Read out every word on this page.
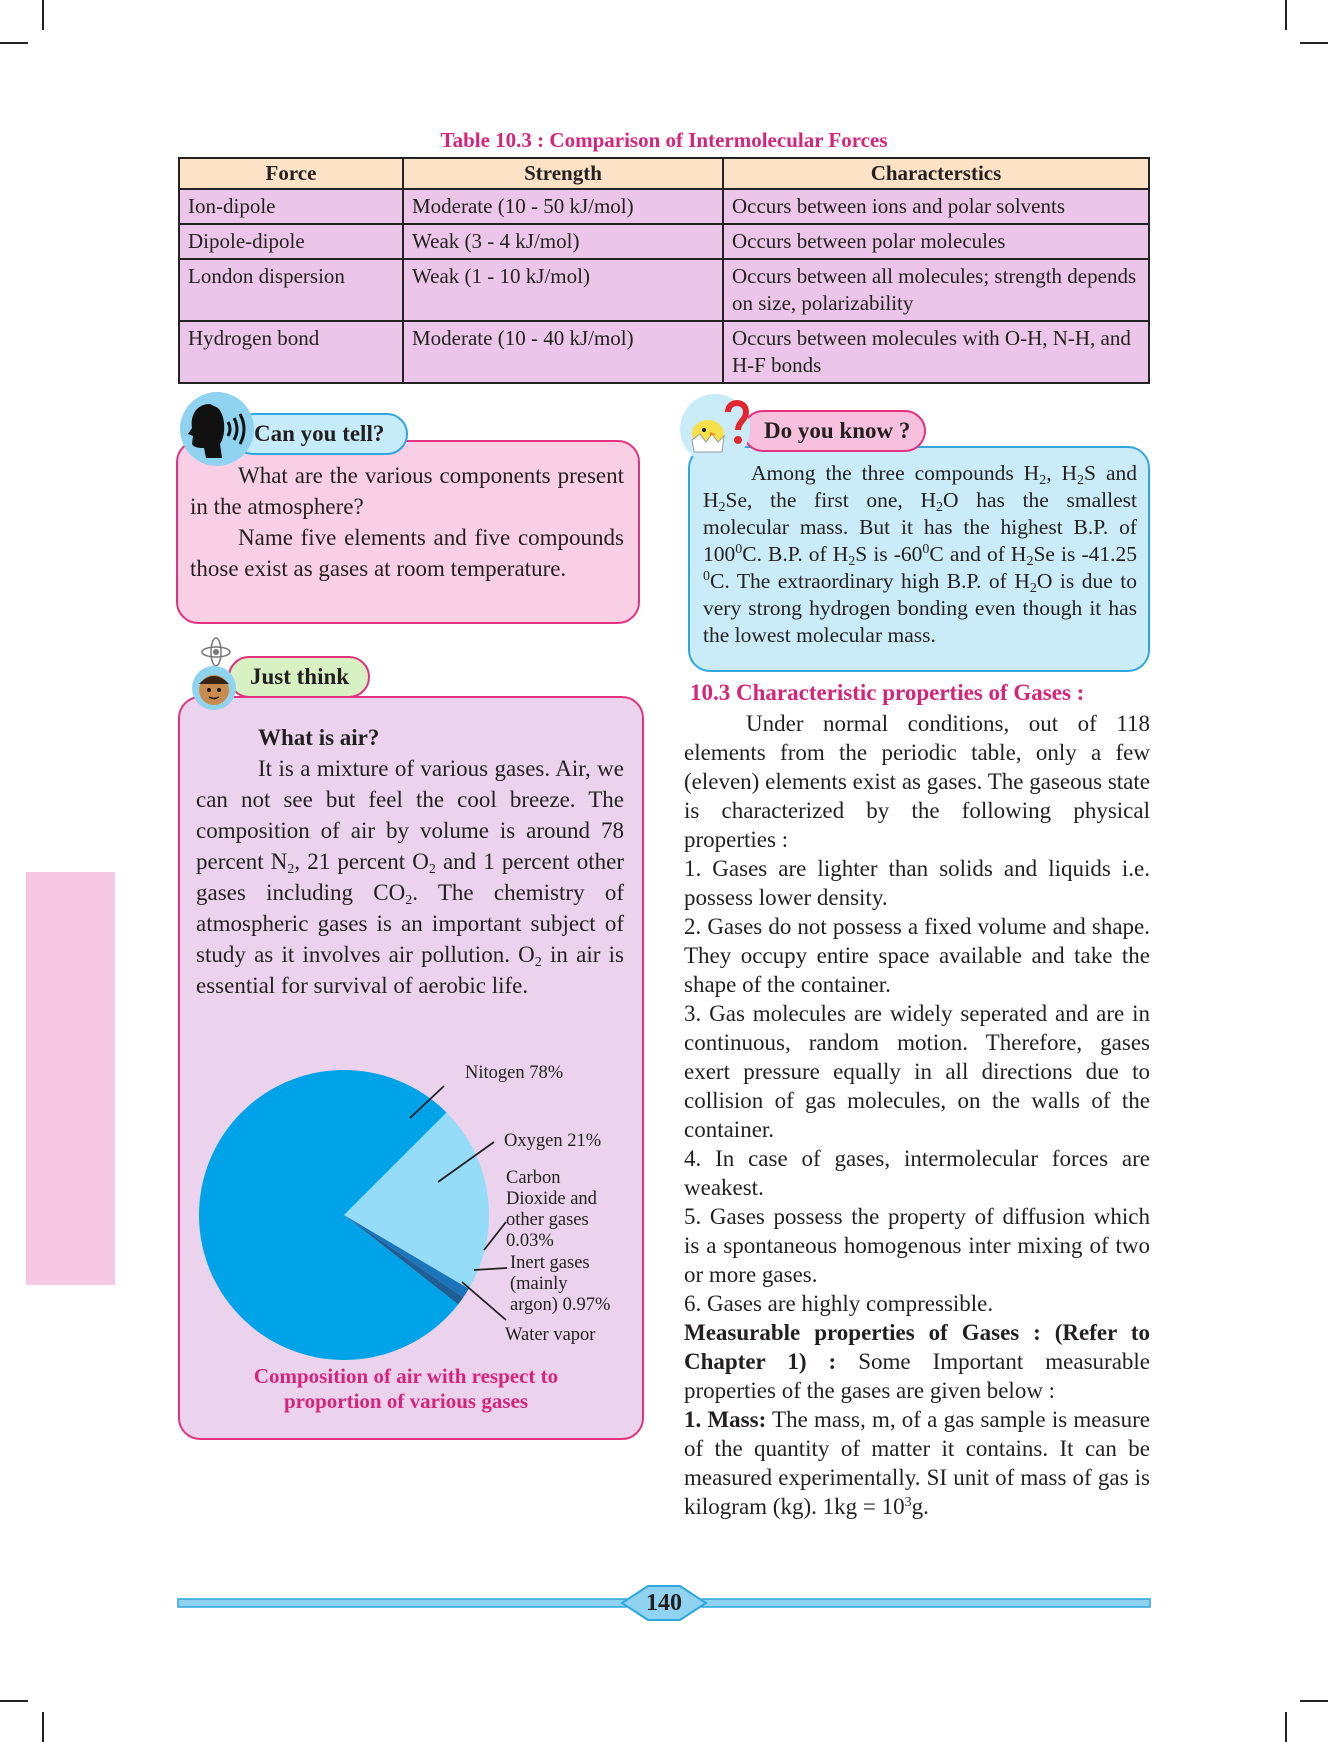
Table 10.3 : Comparison of Intermolecular Forces
Force	Strength	Characterstics
Ion-dipole	Moderate (10 - 50 kJ/mol)	Occurs between ions and polar solvents
Dipole-dipole	Weak (3 - 4 kJ/mol)	Occurs between polar molecules
London dispersion	Weak (1 - 10 kJ/mol)	Occurs between all molecules; strength depends on size, polarizability
Hydrogen bond	Moderate (10 - 40 kJ/mol)	Occurs between molecules with O-H, N-H, and H-F bonds
Can you tell?

What are the various components present in the atmosphere?

Name five elements and five compounds those exist as gases at room temperature.

Do you know ?

Among the three compounds $H_2$, $H_2S$ and $H_2Se$, the first one, $H_2O$ has the smallest molecular mass. But it has the highest B.P. of $100^0C$. B.P. of $H_2S$ is $-60^0C$ and of $H_2Se$ is -41.25 $^0$C. The extraordinary high B.P. of $H_2O$ is due to very strong hydrogen bonding even though it has the lowest molecular mass.

Just think

What is air?

It is a mixture of various gases. Air, we can not see but feel the cool breeze. The composition of air by volume is around 78 percent $N_2$, 21 percent $O_2$ and 1 percent other gases including $CO_2$. The chemistry of atmospheric gases is an important subject of study as it involves air pollution. $O_2$ in air is essential for survival of aerobic life.

Nitogen 78%
Oxygen 21%
Carbon
Dioxide and
other gases
0.03%
Inert gases
(mainly
argon) 0.97%
Water vapor
Composition of air with respect to
proportion of various gases
10.3 Characteristic properties of Gases :

Under normal conditions, out of 118 elements from the periodic table, only a few (eleven) elements exist as gases. The gaseous state is characterized by the following physical properties :

1. Gases are lighter than solids and liquids i.e. possess lower density.

2. Gases do not possess a fixed volume and shape. They occupy entire space available and take the shape of the container.

3. Gas molecules are widely seperated and are in continuous, random motion. Therefore, gases exert pressure equally in all directions due to collision of gas molecules, on the walls of the container.

4. In case of gases, intermolecular forces are weakest.

5. Gases possess the property of diffusion which is a spontaneous homogenous inter mixing of two or more gases.

6. Gases are highly compressible.

Measurable properties of Gases : (Refer to Chapter 1) : Some Important measurable properties of the gases are given below :

1. Mass: The mass, m, of a gas sample is measure of the quantity of matter it contains. It can be measured experimentally. SI unit of mass of gas is kilogram (kg). $1kg = 10^3g$.

140
